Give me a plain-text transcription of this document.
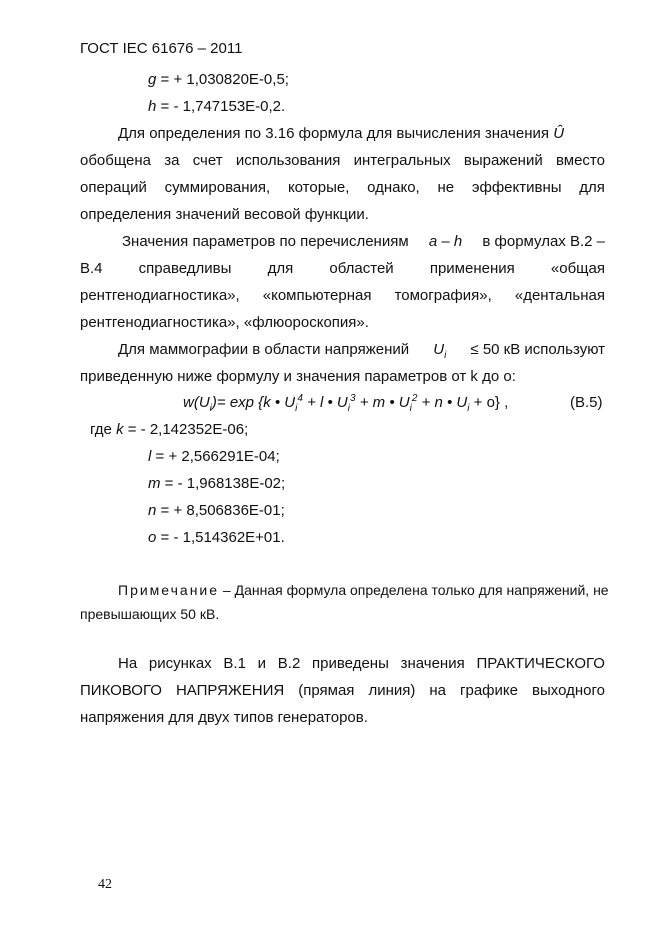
ГОСТ IEC 61676 – 2011
g = + 1,030820E-0,5;
h = - 1,747153E-0,2.
Для определения по 3.16 формула для вычисления значения Û
обобщена за счет использования интегральных выражений вместо
операций суммирования, которые, однако, не эффективны для
определения значений весовой функции.
Значения параметров по перечислениям a – h в формулах В.2 –
В.4 справедливы для областей применения «общая
рентгенодиагностика», «компьютерная томография», «дентальная
рентгенодиагностика», «флюороскопия».
Для маммографии в области напряжений $U_i \le 50$ кВ используют
приведенную ниже формулу и значения параметров от k до o:
$w(U_i)= \exp \{k$ • $U_i^4 + l$ • $U_i^3 + m$ • $U_i^2 + n$ • $U_i + o$} ,	(B.5)
где k = - 2,142352E-06;
l = + 2,566291E-04;
m = - 1,968138E-02;
n = + 8,506836E-01;
o = - 1,514362E+01.
Примечание – Данная формула определена только для напряжений, не
превышающих 50 кВ.
На рисунках В.1 и В.2 приведены значения ПРАКТИЧЕСКОГО
ПИКОВОГО НАПРЯЖЕНИЯ (прямая линия) на графике выходного
напряжения для двух типов генераторов.
42
